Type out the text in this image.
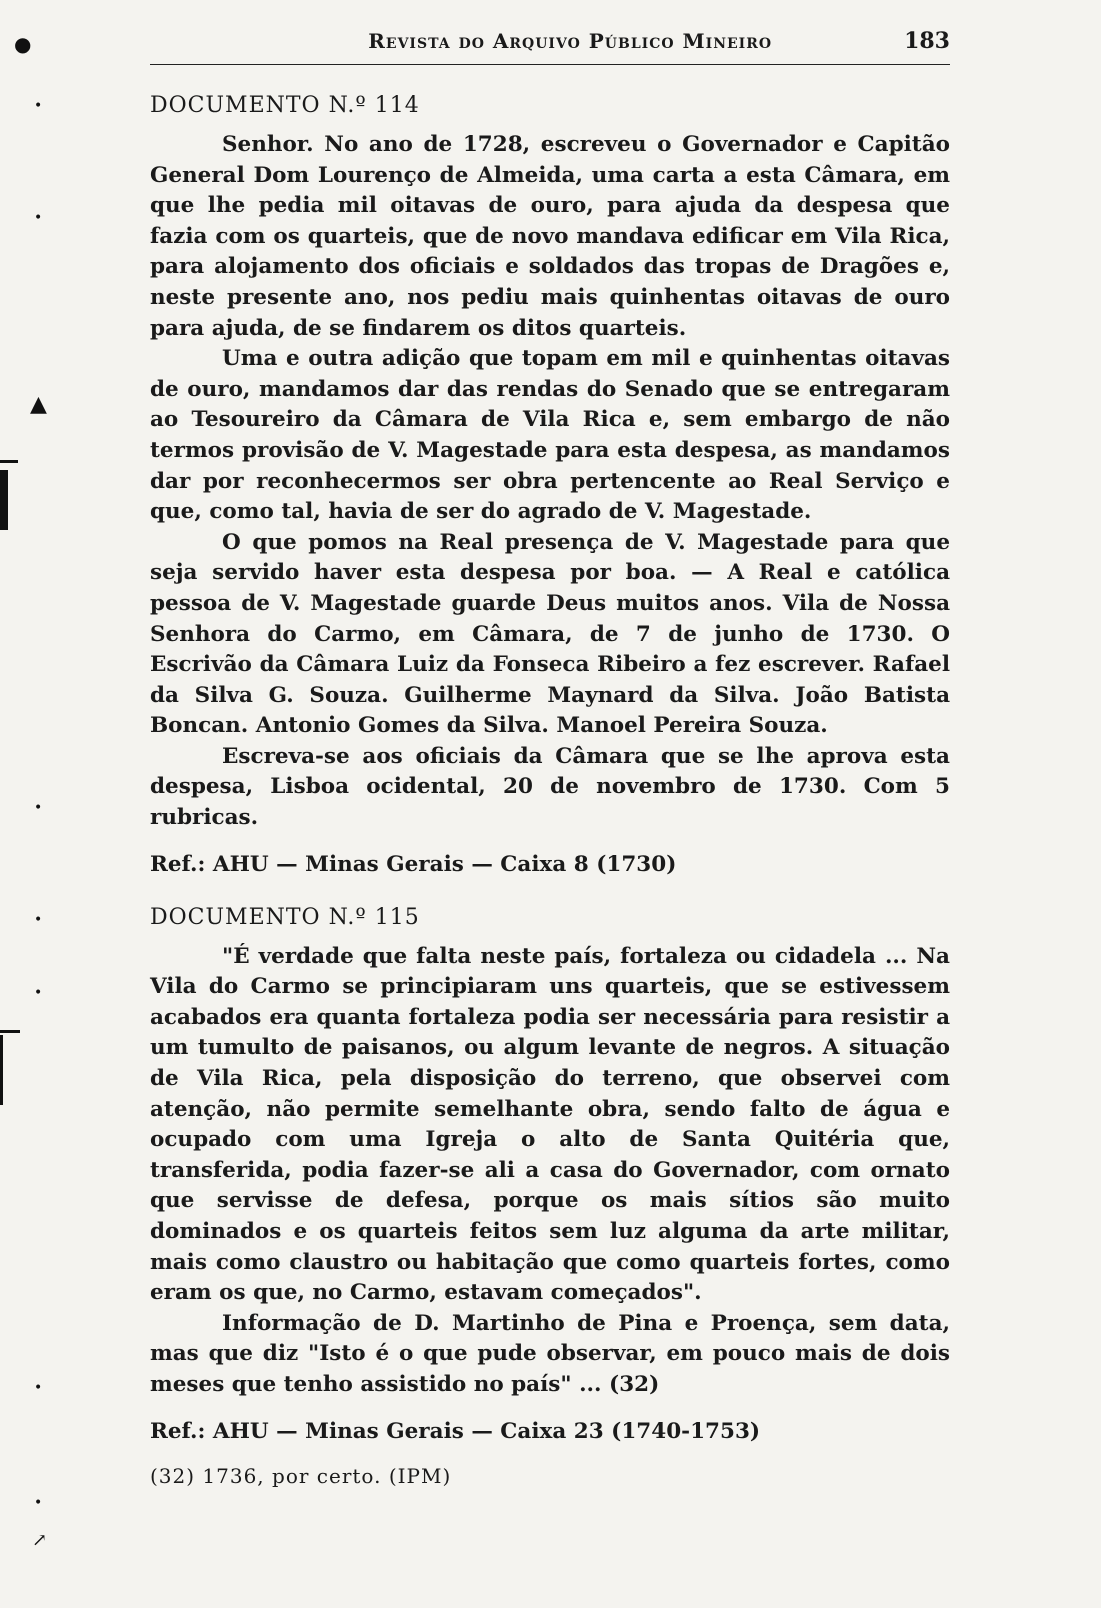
●
•
•
▲
•
•
•
•
•
↗
Revista do Arquivo Público Mineiro	183
DOCUMENTO N.º 114

Senhor. No ano de 1728, escreveu o Governador e Capitão General Dom Lourenço de Almeida, uma carta a esta Câmara, em que lhe pedia mil oitavas de ouro, para ajuda da despesa que fazia com os quarteis, que de novo mandava edificar em Vila Rica, para alojamento dos oficiais e soldados das tropas de Dragões e, neste presente ano, nos pediu mais quinhentas oitavas de ouro para ajuda, de se findarem os ditos quarteis.

Uma e outra adição que topam em mil e quinhentas oitavas de ouro, mandamos dar das rendas do Senado que se entregaram ao Tesoureiro da Câmara de Vila Rica e, sem embargo de não termos provisão de V. Magestade para esta despesa, as mandamos dar por reconhecermos ser obra pertencente ao Real Serviço e que, como tal, havia de ser do agrado de V. Magestade.

O que pomos na Real presença de V. Magestade para que seja servido haver esta despesa por boa. — A Real e católica pessoa de V. Magestade guarde Deus muitos anos. Vila de Nossa Senhora do Carmo, em Câmara, de 7 de junho de 1730. O Escrivão da Câmara Luiz da Fonseca Ribeiro a fez escrever. Rafael da Silva G. Souza. Guilherme Maynard da Silva. João Batista Boncan. Antonio Gomes da Silva. Manoel Pereira Souza.

Escreva-se aos oficiais da Câmara que se lhe aprova esta despesa, Lisboa ocidental, 20 de novembro de 1730. Com 5 rubricas.

Ref.: AHU — Minas Gerais — Caixa 8 (1730)
DOCUMENTO N.º 115

"É verdade que falta neste país, fortaleza ou cidadela ... Na Vila do Carmo se principiaram uns quarteis, que se estivessem acabados era quanta fortaleza podia ser necessária para resistir a um tumulto de paisanos, ou algum levante de negros. A situação de Vila Rica, pela disposição do terreno, que observei com atenção, não permite semelhante obra, sendo falto de água e ocupado com uma Igreja o alto de Santa Quitéria que, transferida, podia fazer-se ali a casa do Governador, com ornato que servisse de defesa, porque os mais sítios são muito dominados e os quarteis feitos sem luz alguma da arte militar, mais como claustro ou habitação que como quarteis fortes, como eram os que, no Carmo, estavam começados".

Informação de D. Martinho de Pina e Proença, sem data, mas que diz "Isto é o que pude observar, em pouco mais de dois meses que tenho assistido no país" ... (32)

Ref.: AHU — Minas Gerais — Caixa 23 (1740-1753)
(32) 1736, por certo. (IPM)
